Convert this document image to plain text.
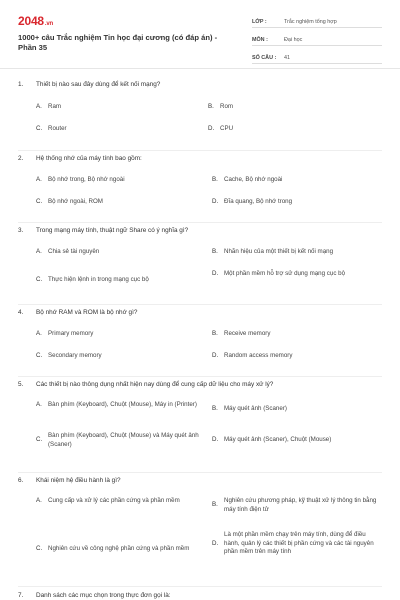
2048.vn
1000+ câu Trắc nghiệm Tin học đại cương (có đáp án) - Phần 35
LỚP :	Trắc nghiệm tổng hợp
MÔN :	Đại học
SỐ CÂU :	41
1.	Thiết bị nào sau đây dùng để kết nối mạng?
A. Ram	B. Rom
C. Router	D. CPU
2.	Hệ thống nhớ của máy tính bao gồm:
A. Bộ nhớ trong, Bộ nhớ ngoài	B. Cache, Bộ nhớ ngoài
C. Bộ nhớ ngoài, ROM	D. Đĩa quang, Bộ nhớ trong
3.	Trong mạng máy tính, thuật ngữ Share có ý nghĩa gì?
A. Chia sẻ tài nguyên	B. Nhãn hiệu của một thiết bị kết nối mạng
C. Thực hiện lệnh in trong mạng cục bộ
D. Một phần mềm hỗ trợ sử dụng mạng cục bộ
4.	Bộ nhớ RAM và ROM là bộ nhớ gì?
A. Primary memory	B. Receive memory
C. Secondary memory	D. Random access memory
5.	Các thiết bị nào thông dụng nhất hiện nay dùng để cung cấp dữ liệu cho máy xử lý?
A. Bàn phím (Keyboard), Chuột (Mouse), Máy in (Printer)
B. Máy quét ảnh (Scaner)
C.
Bàn phím (Keyboard), Chuột (Mouse) và Máy quét ảnh (Scaner)
D. Máy quét ảnh (Scaner), Chuột (Mouse)
6.	Khái niệm hệ điều hành là gì?
A. Cung cấp và xử lý các phần cứng và phần mềm
B.
Nghiên cứu phương pháp, kỹ thuật xử lý thông tin bằng máy tính điện tử
C. Nghiên cứu về công nghệ phần cứng và phần mềm
D.
Là một phần mềm chạy trên máy tính, dùng để điều hành, quản lý các thiết bị phần cứng và các tài nguyên phần mềm trên máy tính
7.	Danh sách các mục chọn trong thực đơn gọi là:
